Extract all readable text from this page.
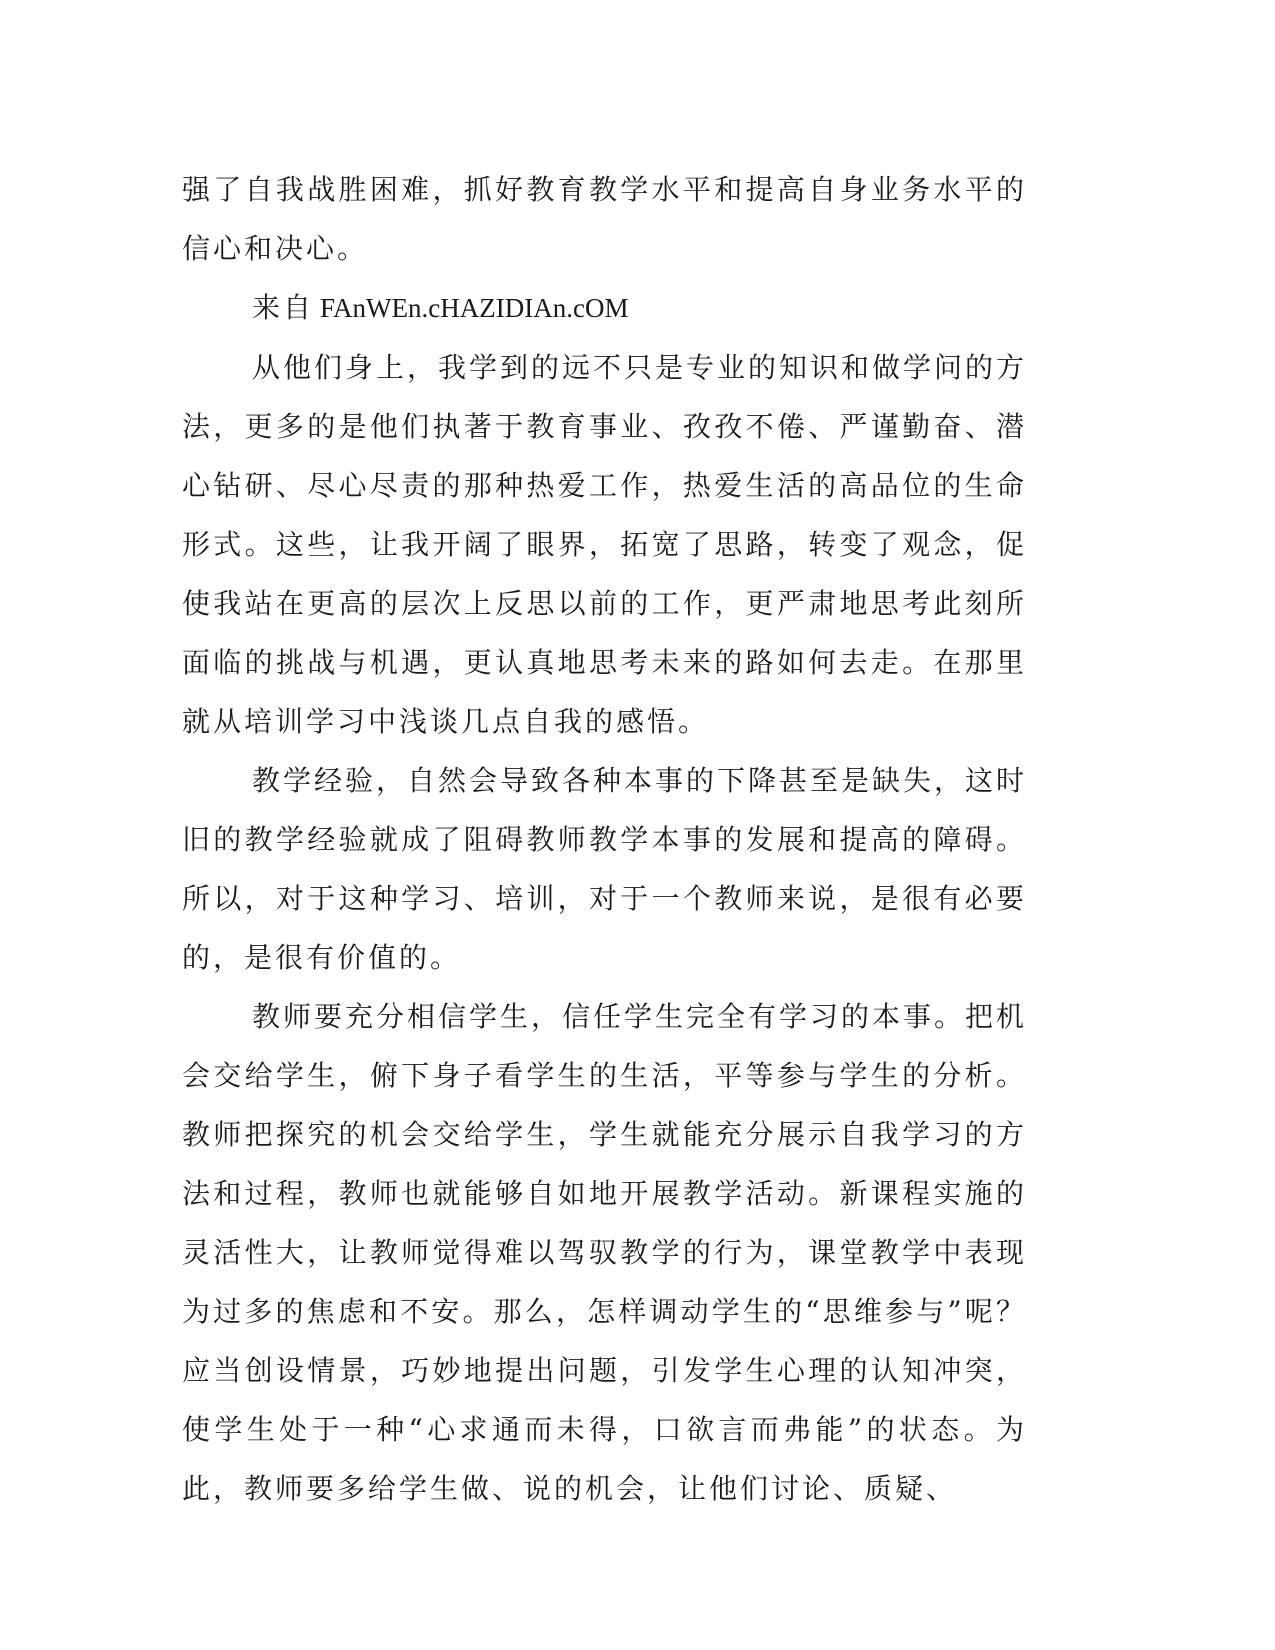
强了自我战胜困难，抓好教育教学水平和提高自身业务水平的信心和决心。

来自 FAnWEn.cHAZIDIAn.cOM

从他们身上，我学到的远不只是专业的知识和做学问的方法，更多的是他们执著于教育事业、孜孜不倦、严谨勤奋、潜心钻研、尽心尽责的那种热爱工作，热爱生活的高品位的生命形式。这些，让我开阔了眼界，拓宽了思路，转变了观念，促使我站在更高的层次上反思以前的工作，更严肃地思考此刻所面临的挑战与机遇，更认真地思考未来的路如何去走。在那里就从培训学习中浅谈几点自我的感悟。

教学经验，自然会导致各种本事的下降甚至是缺失，这时旧的教学经验就成了阻碍教师教学本事的发展和提高的障碍。所以，对于这种学习、培训，对于一个教师来说，是很有必要的，是很有价值的。

教师要充分相信学生，信任学生完全有学习的本事。把机会交给学生，俯下身子看学生的生活，平等参与学生的分析。教师把探究的机会交给学生，学生就能充分展示自我学习的方法和过程，教师也就能够自如地开展教学活动。新课程实施的灵活性大，让教师觉得难以驾驭教学的行为，课堂教学中表现为过多的焦虑和不安。那么，怎样调动学生的“思维参与”呢？应当创设情景，巧妙地提出问题，引发学生心理的认知冲突，使学生处于一种“心求通而未得，口欲言而弗能”的状态。为此，教师要多给学生做、说的机会，让他们讨论、质疑、
